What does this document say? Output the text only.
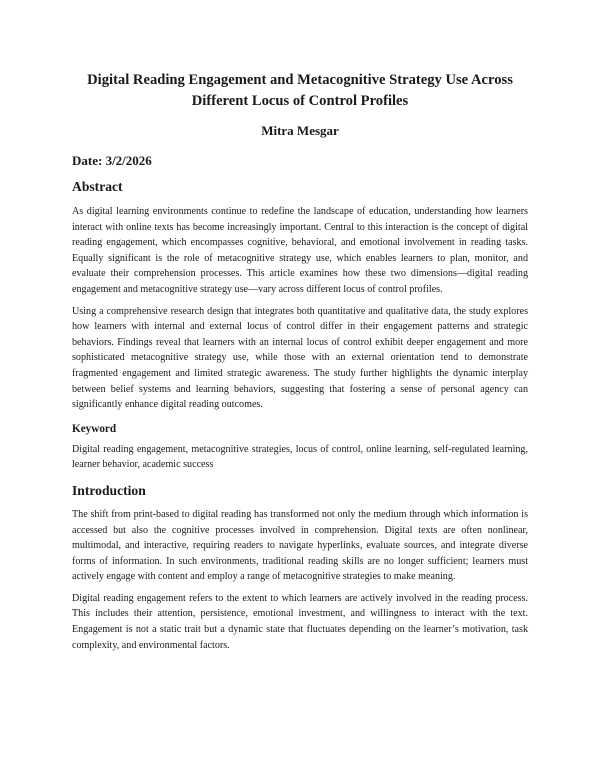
Digital Reading Engagement and Metacognitive Strategy Use Across Different Locus of Control Profiles

Mitra Mesgar

Date: 3/2/2026

Abstract

As digital learning environments continue to redefine the landscape of education, understanding how learners interact with online texts has become increasingly important. Central to this interaction is the concept of digital reading engagement, which encompasses cognitive, behavioral, and emotional involvement in reading tasks. Equally significant is the role of metacognitive strategy use, which enables learners to plan, monitor, and evaluate their comprehension processes. This article examines how these two dimensions—digital reading engagement and metacognitive strategy use—vary across different locus of control profiles.

Using a comprehensive research design that integrates both quantitative and qualitative data, the study explores how learners with internal and external locus of control differ in their engagement patterns and strategic behaviors. Findings reveal that learners with an internal locus of control exhibit deeper engagement and more sophisticated metacognitive strategy use, while those with an external orientation tend to demonstrate fragmented engagement and limited strategic awareness. The study further highlights the dynamic interplay between belief systems and learning behaviors, suggesting that fostering a sense of personal agency can significantly enhance digital reading outcomes.

Keyword

Digital reading engagement, metacognitive strategies, locus of control, online learning, self-regulated learning, learner behavior, academic success

Introduction

The shift from print-based to digital reading has transformed not only the medium through which information is accessed but also the cognitive processes involved in comprehension. Digital texts are often nonlinear, multimodal, and interactive, requiring readers to navigate hyperlinks, evaluate sources, and integrate diverse forms of information. In such environments, traditional reading skills are no longer sufficient; learners must actively engage with content and employ a range of metacognitive strategies to make meaning.

Digital reading engagement refers to the extent to which learners are actively involved in the reading process. This includes their attention, persistence, emotional investment, and willingness to interact with the text. Engagement is not a static trait but a dynamic state that fluctuates depending on the learner’s motivation, task complexity, and environmental factors.
